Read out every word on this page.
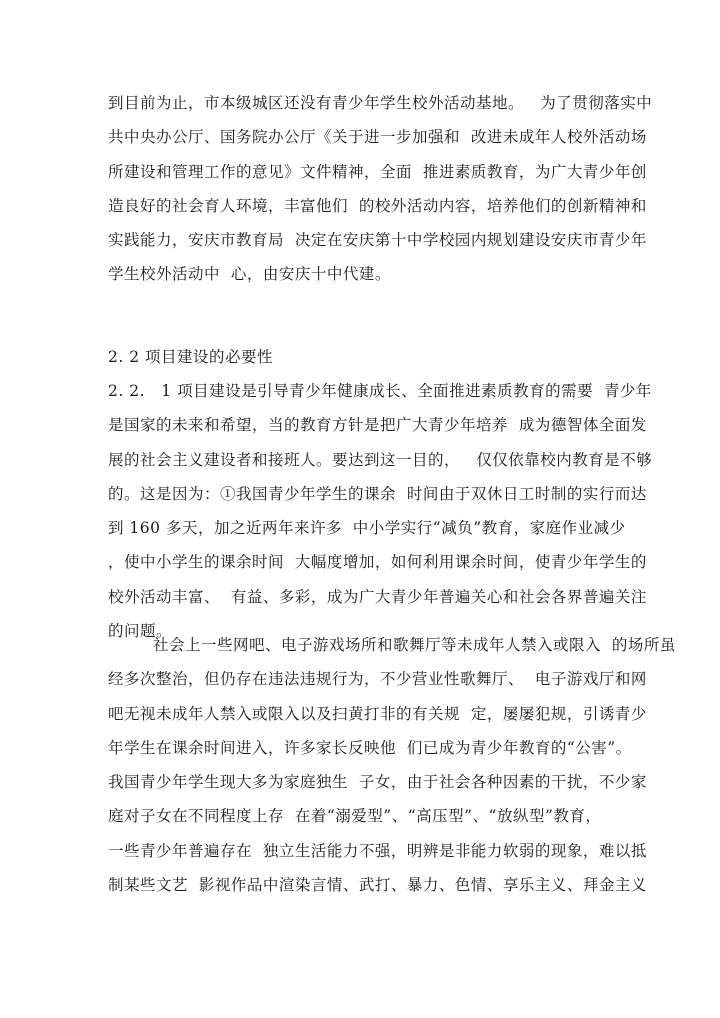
到目前为止，市本级城区还没有青少年学生校外活动基地。   为了贯彻落实中
共中央办公厅、国务院办公厅《关于进一步加强和  改进未成年人校外活动场
所建设和管理工作的意见》文件精神，全面  推进素质教育，为广大青少年创
造良好的社会育人环境，丰富他们  的校外活动内容，培养他们的创新精神和
实践能力，安庆市教育局  决定在安庆第十中学校园内规划建设安庆市青少年
学生校外活动中  心，由安庆十中代建。
2. 2 项目建设的必要性
2. 2.   1 项目建设是引导青少年健康成长、全面推进素质教育的需要  青少年
是国家的未来和希望，当的教育方针是把广大青少年培养  成为德智体全面发
展的社会主义建设者和接班人。要达到这一目的，   仅仅依靠校内教育是不够
的。这是因为：①我国青少年学生的课余  时间由于双休日工时制的实行而达
到 160 多天，加之近两年来许多  中小学实行“减负”教育，家庭作业减少
，使中小学生的课余时间  大幅度增加，如何利用课余时间，使青少年学生的
校外活动丰富、  有益、多彩，成为广大青少年普遍关心和社会各界普遍关注
的问题。
社会上一些网吧、电子游戏场所和歌舞厅等未成年人禁入或限入  的场所虽
经多次整治，但仍存在违法违规行为，不少营业性歌舞厅、  电子游戏厅和网
吧无视未成年人禁入或限入以及扫黄打非的有关规  定，屡屡犯规，引诱青少
年学生在课余时间进入，许多家长反映他  们已成为青少年教育的“公害”。
我国青少年学生现大多为家庭独生  子女，由于社会各种因素的干扰，不少家
庭对子女在不同程度上存  在着“溺爱型”、“高压型”、“放纵型”教育，
一些青少年普遍存在  独立生活能力不强，明辨是非能力软弱的现象，难以抵
制某些文艺  影视作品中渲染言情、武打、暴力、色情、享乐主义、拜金主义
